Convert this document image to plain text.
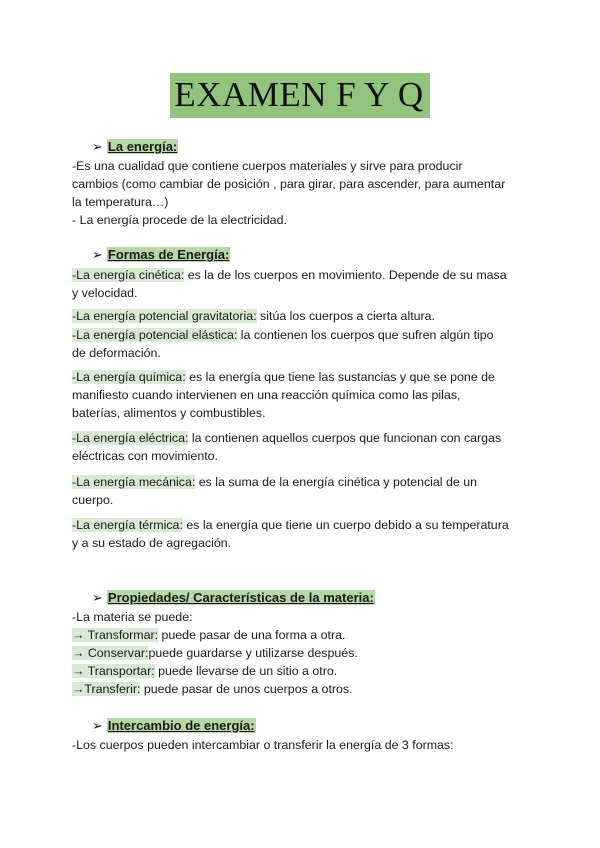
EXAMEN F Y Q
➢ La energía:
-Es una cualidad que contiene cuerpos materiales y sirve para producir
cambios (como cambiar de posición , para girar, para ascender, para aumentar
la temperatura…)
- La energía procede de la electricidad.
➢ Formas de Energía:
-La energía cinética: es la de los cuerpos en movimiento. Depende de su masa
y velocidad.
-La energía potencial gravitatoria: sitúa los cuerpos a cierta altura.
-La energía potencial elástica: la contienen los cuerpos que sufren algún tipo
de deformación.
-La energía química: es la energía que tiene las sustancias y que se pone de
manifiesto cuando intervienen en una reacción química como las pilas,
baterías, alimentos y combustibles.
-La energía eléctrica: la contienen aquellos cuerpos que funcionan con cargas
eléctricas con movimiento.
-La energía mecánica: es la suma de la energía cinética y potencial de un
cuerpo.
-La energía térmica: es la energía que tiene un cuerpo debido a su temperatura
y a su estado de agregación.
➢ Propiedades/ Características de la materia:
-La materia se puede:
→ Transformar: puede pasar de una forma a otra.
→ Conservar:puede guardarse y utilizarse después.
→ Transportar: puede llevarse de un sitio a otro.
→Transferir: puede pasar de unos cuerpos a otros.
➢ Intercambio de energía:
-Los cuerpos pueden intercambiar o transferir la energía de 3 formas:
